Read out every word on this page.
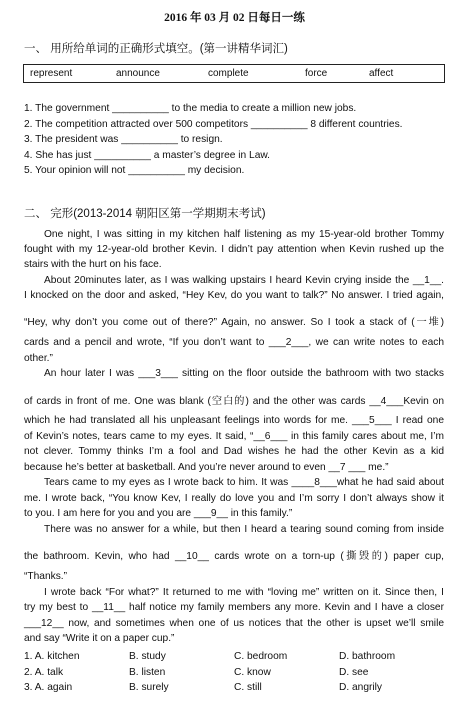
2016 年 03 月 02 日每日一练
一、 用所给单词的正确形式填空。(第一讲精华词汇)
represent	announce	complete	force	affect
1. The government __________ to the media to create a million new jobs.
2. The competition attracted over 500 competitors __________ 8 different countries.
3. The president was __________ to resign.
4. She has just __________ a master’s degree in Law.
5. Your opinion will not __________ my decision.
二、 完形(2013-2014 朝阳区第一学期期末考试)
One night, I was sitting in my kitchen half listening as my 15-year-old brother Tommy
fought with my 12-year-old brother Kevin. I didn’t pay attention when Kevin rushed up the
stairs with the hurt on his face.
About 20minutes later, as I was walking upstairs I heard Kevin crying inside the __1__.
I knocked on the door and asked, “Hey Kev, do you want to talk?” No answer. I tried again,
“Hey, why don’t you come out of there?” Again, no answer. So I took a stack of (一堆)
cards and a pencil and wrote, “If you don’t want to ___2___, we can write notes to each
other.”
An hour later I was ___3___ sitting on the floor outside the bathroom with two stacks
of cards in front of me. One was blank (空白的) and the other was cards __4___Kevin on
which he had translated all his unpleasant feelings into words for me. ___5___ I read one
of Kevin’s notes, tears came to my eyes. It said, “__6___ in this family cares about me, I’m
not clever. Tommy thinks I’m a fool and Dad wishes he had the other Kevin as a kid
because he’s better at basketball. And you’re never around to even __7 ___ me.”
Tears came to my eyes as I wrote back to him. It was ____8___what he had said about
me. I wrote back, “You know Kev, I really do love you and I’m sorry I don’t always show it
to you. I am here for you and you are ___9__ in this family.”
There was no answer for a while, but then I heard a tearing sound coming from inside
the bathroom. Kevin, who had __10__ cards wrote on a torn-up (撕毁的) paper cup,
“Thanks.”
I wrote back “For what?” It returned to me with “loving me” written on it. Since then, I
try my best to __11__ half notice my family members any more. Kevin and I have a closer
___12__ now, and sometimes when one of us notices that the other is upset we’ll smile
and say “Write it on a paper cup.”
1. A. kitchen	B. study	C. bedroom	D. bathroom
2. A. talk	B. listen	C. know	D. see
3. A. again	B. surely	C. still	D. angrily
